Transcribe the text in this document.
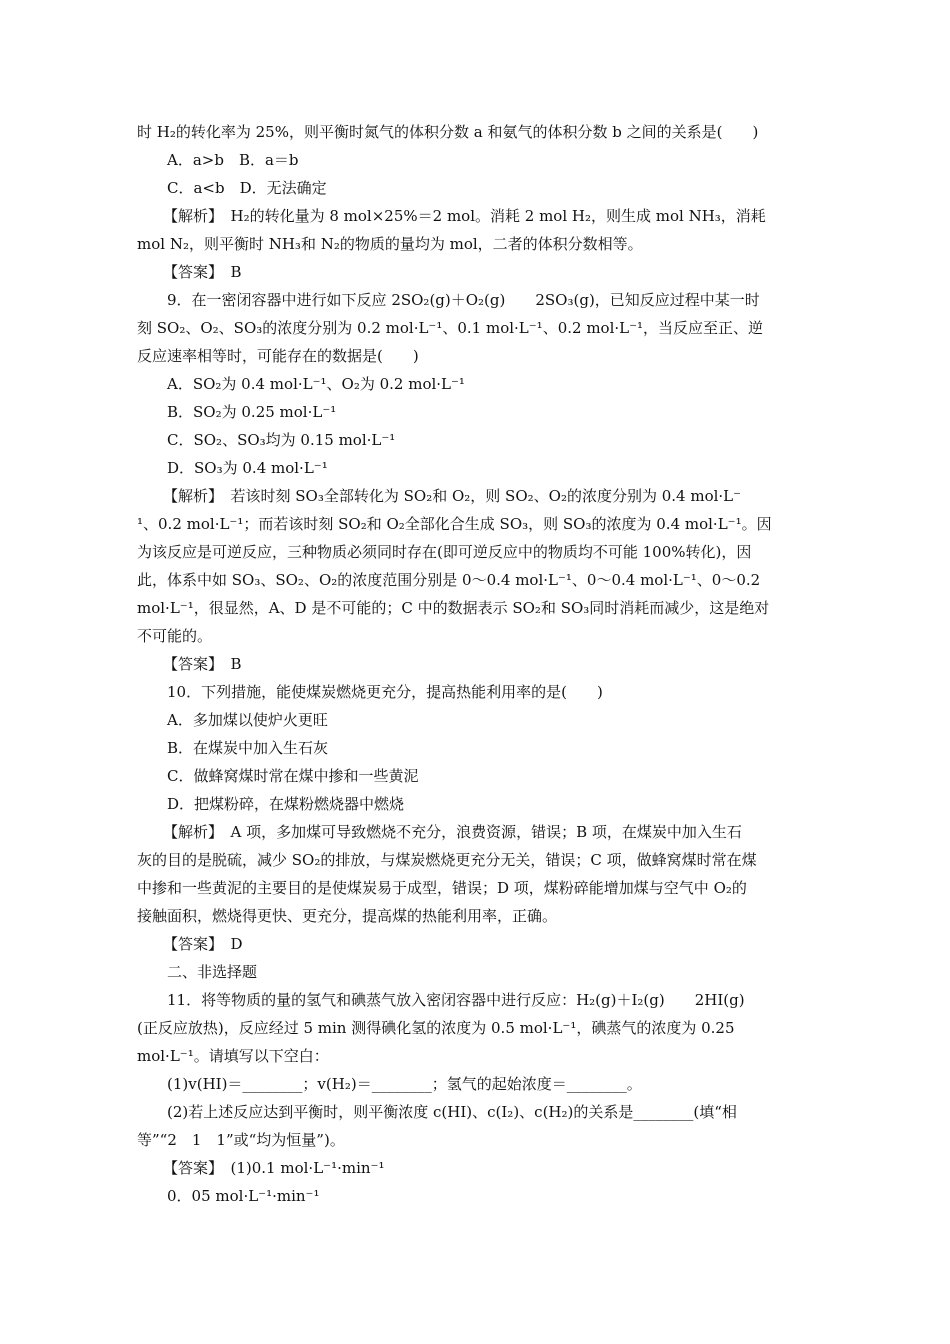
时 H₂的转化率为 25%，则平衡时氮气的体积分数 a 和氨气的体积分数 b 之间的关系是(　　)
A．a>b　B．a＝b
C．a<b　D．无法确定
【解析】　H₂的转化量为 8 mol×25%＝2 mol。消耗 2 mol H₂，则生成 mol NH₃，消耗
mol N₂，则平衡时 NH₃和 N₂的物质的量均为 mol，二者的体积分数相等。
【答案】　B
9．在一密闭容器中进行如下反应 2SO₂(g)＋O₂(g)　　2SO₃(g)，已知反应过程中某一时
刻 SO₂、O₂、SO₃的浓度分别为 0.2 mol·L⁻¹、0.1 mol·L⁻¹、0.2 mol·L⁻¹，当反应至正、逆
反应速率相等时，可能存在的数据是(　　)
A．SO₂为 0.4 mol·L⁻¹、O₂为 0.2 mol·L⁻¹
B．SO₂为 0.25 mol·L⁻¹
C．SO₂、SO₃均为 0.15 mol·L⁻¹
D．SO₃为 0.4 mol·L⁻¹
【解析】　若该时刻 SO₃全部转化为 SO₂和 O₂，则 SO₂、O₂的浓度分别为 0.4 mol·L⁻
¹、0.2 mol·L⁻¹；而若该时刻 SO₂和 O₂全部化合生成 SO₃，则 SO₃的浓度为 0.4 mol·L⁻¹。因
为该反应是可逆反应，三种物质必须同时存在(即可逆反应中的物质均不可能 100%转化)，因
此，体系中如 SO₃、SO₂、O₂的浓度范围分别是 0～0.4 mol·L⁻¹、0～0.4 mol·L⁻¹、0～0.2
mol·L⁻¹，很显然，A、D 是不可能的；C 中的数据表示 SO₂和 SO₃同时消耗而减少，这是绝对
不可能的。
【答案】　B
10．下列措施，能使煤炭燃烧更充分，提高热能利用率的是(　　)
A．多加煤以使炉火更旺
B．在煤炭中加入生石灰
C．做蜂窝煤时常在煤中掺和一些黄泥
D．把煤粉碎，在煤粉燃烧器中燃烧
【解析】　A 项，多加煤可导致燃烧不充分，浪费资源，错误；B 项，在煤炭中加入生石
灰的目的是脱硫，减少 SO₂的排放，与煤炭燃烧更充分无关，错误；C 项，做蜂窝煤时常在煤
中掺和一些黄泥的主要目的是使煤炭易于成型，错误；D 项，煤粉碎能增加煤与空气中 O₂的
接触面积，燃烧得更快、更充分，提高煤的热能利用率，正确。
【答案】　D
二、非选择题
11．将等物质的量的氢气和碘蒸气放入密闭容器中进行反应：H₂(g)＋I₂(g)　　2HI(g)
(正反应放热)，反应经过 5 min 测得碘化氢的浓度为 0.5 mol·L⁻¹，碘蒸气的浓度为 0.25
mol·L⁻¹。请填写以下空白：
(1)v(HI)＝________；v(H₂)＝________；氢气的起始浓度＝________。
(2)若上述反应达到平衡时，则平衡浓度 c(HI)、c(I₂)、c(H₂)的关系是________(填“相
等”“2　1　1”或“均为恒量”)。
【答案】　(1)0.1 mol·L⁻¹·min⁻¹
0．05 mol·L⁻¹·min⁻¹
